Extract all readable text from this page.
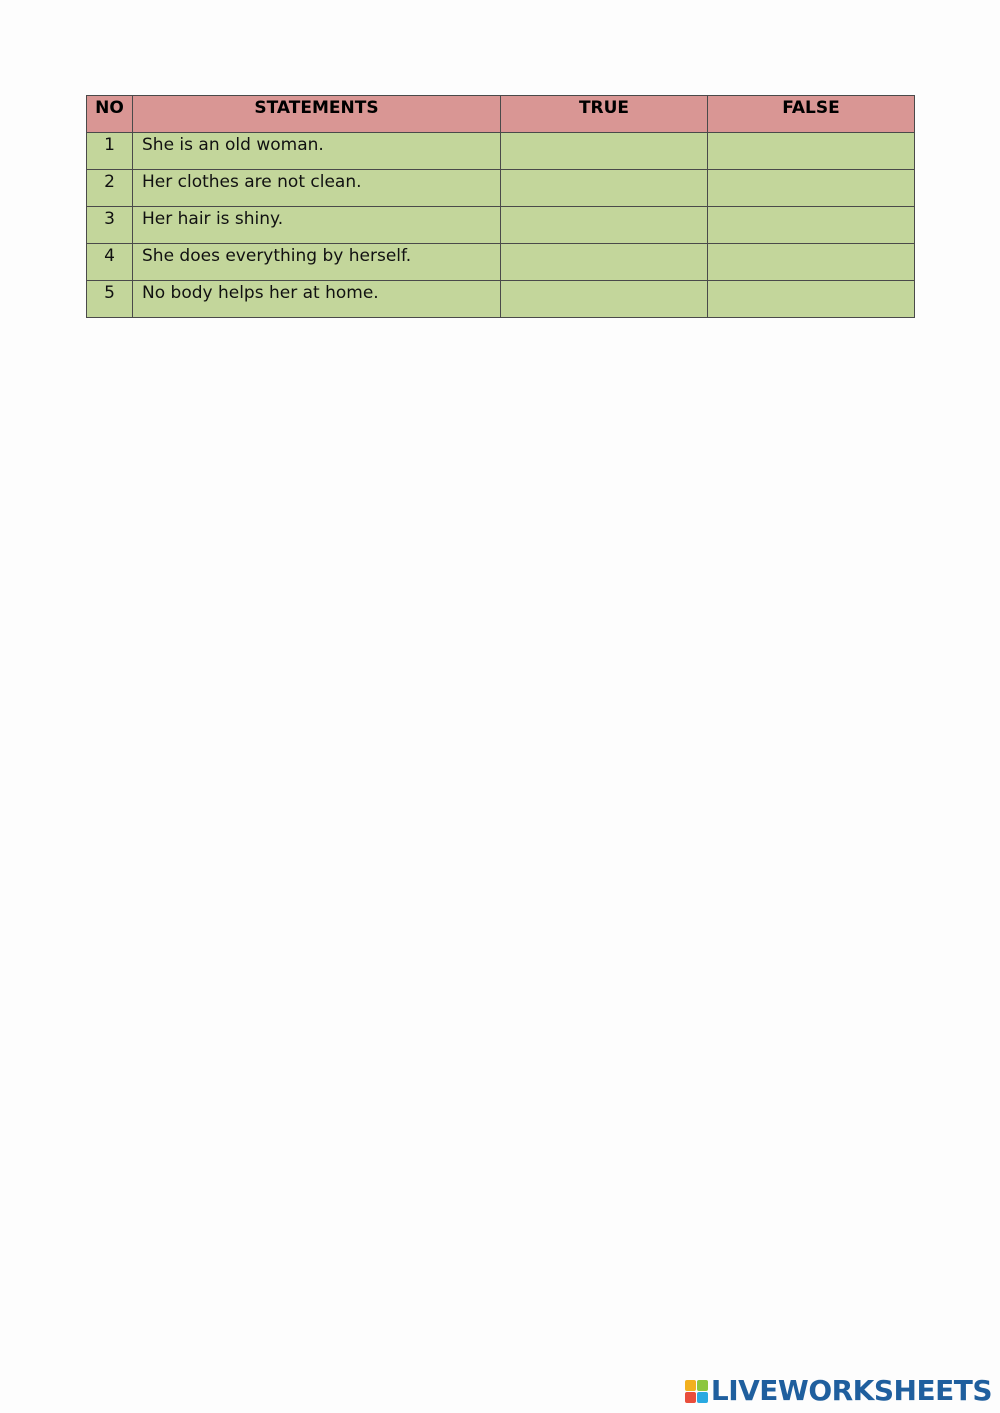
NO	STATEMENTS	TRUE	FALSE
1	She is an old woman.		
2	Her clothes are not clean.		
3	Her hair is shiny.		
4	She does everything by herself.		
5	No body helps her at home.		
LIVEWORKSHEETS
